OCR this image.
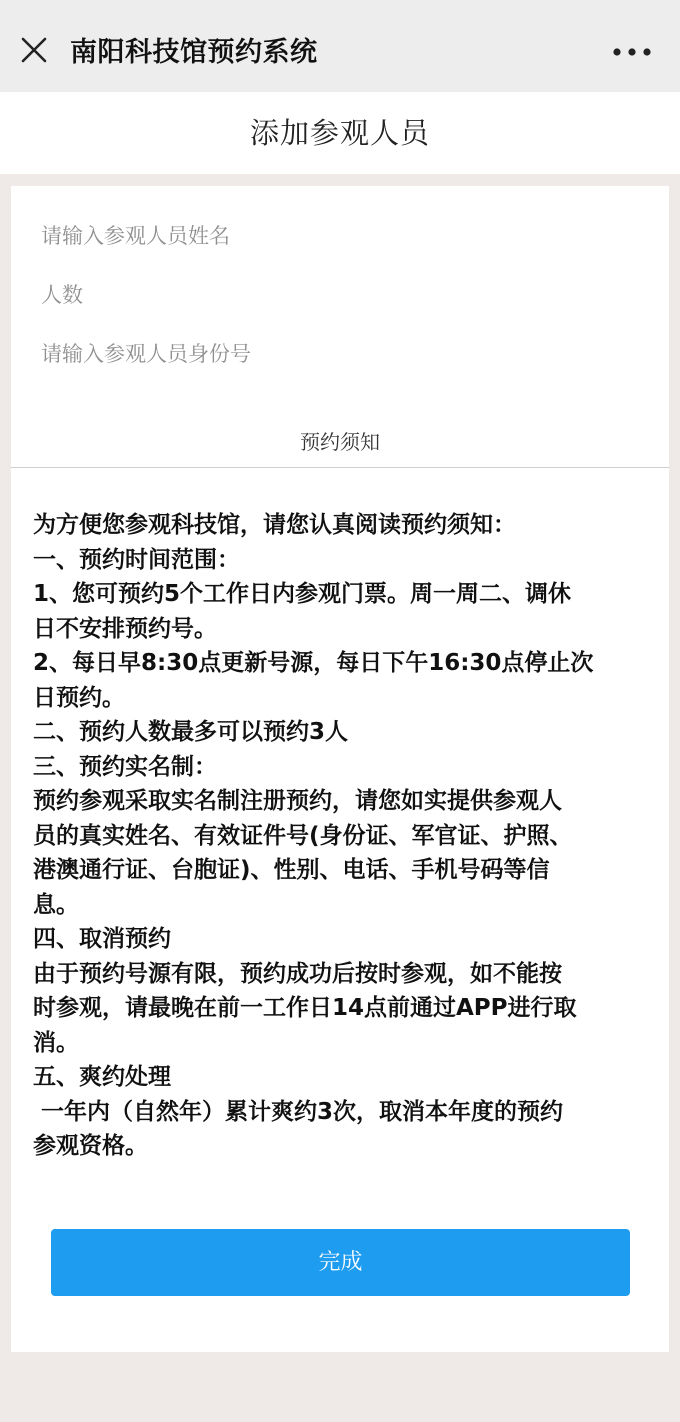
南阳科技馆预约系统
添加参观人员
请输入参观人员姓名
人数
请输入参观人员身份号
预约须知
为方便您参观科技馆，请您认真阅读预约须知：
一、预约时间范围：
1、您可预约5个工作日内参观门票。周一周二、调休
日不安排预约号。
2、每日早8:30点更新号源，每日下午16:30点停止次
日预约。
二、预约人数最多可以预约3人
三、预约实名制：
预约参观采取实名制注册预约，请您如实提供参观人
员的真实姓名、有效证件号(身份证、军官证、护照、
港澳通行证、台胞证)、性别、电话、手机号码等信
息。
四、取消预约
由于预约号源有限，预约成功后按时参观，如不能按
时参观，请最晚在前一工作日14点前通过APP进行取
消。
五、爽约处理
一年内（自然年）累计爽约3次，取消本年度的预约
参观资格。
完成
